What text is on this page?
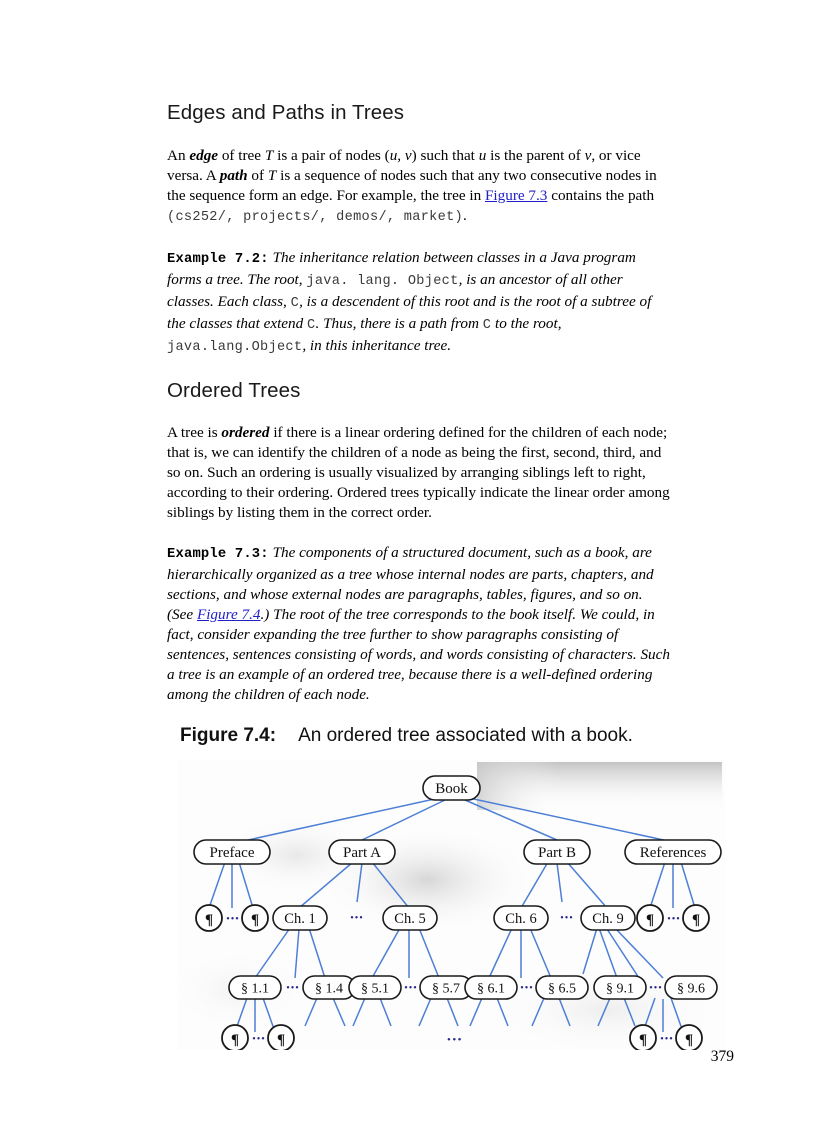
Edges and Paths in Trees

An edge of tree T is a pair of nodes (u, v) such that u is the parent of v, or vice versa. A path of T is a sequence of nodes such that any two consecutive nodes in the sequence form an edge. For example, the tree in Figure 7.3 contains the path (cs252/, projects/, demos/, market).

Example 7.2: The inheritance relation between classes in a Java program forms a tree. The root, java. lang. Object, is an ancestor of all other classes. Each class, C, is a descendent of this root and is the root of a subtree of the classes that extend C. Thus, there is a path from C to the root, java.lang.Object, in this inheritance tree.

Ordered Trees

A tree is ordered if there is a linear ordering defined for the children of each node; that is, we can identify the children of a node as being the first, second, third, and so on. Such an ordering is usually visualized by arranging siblings left to right, according to their ordering. Ordered trees typically indicate the linear order among siblings by listing them in the correct order.

Example 7.3: The components of a structured document, such as a book, are hierarchically organized as a tree whose internal nodes are parts, chapters, and sections, and whose external nodes are paragraphs, tables, figures, and so on. (See Figure 7.4.) The root of the tree corresponds to the book itself. We could, in fact, consider expanding the tree further to show paragraphs consisting of sentences, sentences consisting of words, and words consisting of characters. Such a tree is an example of an ordered tree, because there is a well-defined ordering among the children of each node.

Figure 7.4: An ordered tree associated with a book.
Book
Preface	Part A	Part B	References
¶ ••• ¶ Ch. 1	••• Ch. 5	Ch. 6 ••• Ch. 9 ¶ ••• ¶
§ 1.1 ••• § 1.4 § 5.1 ••• § 5.7 § 6.1 ••• § 6.5 § 9.1 ••• § 9.6
¶ ••• ¶	•••	¶ ••• ¶
379
